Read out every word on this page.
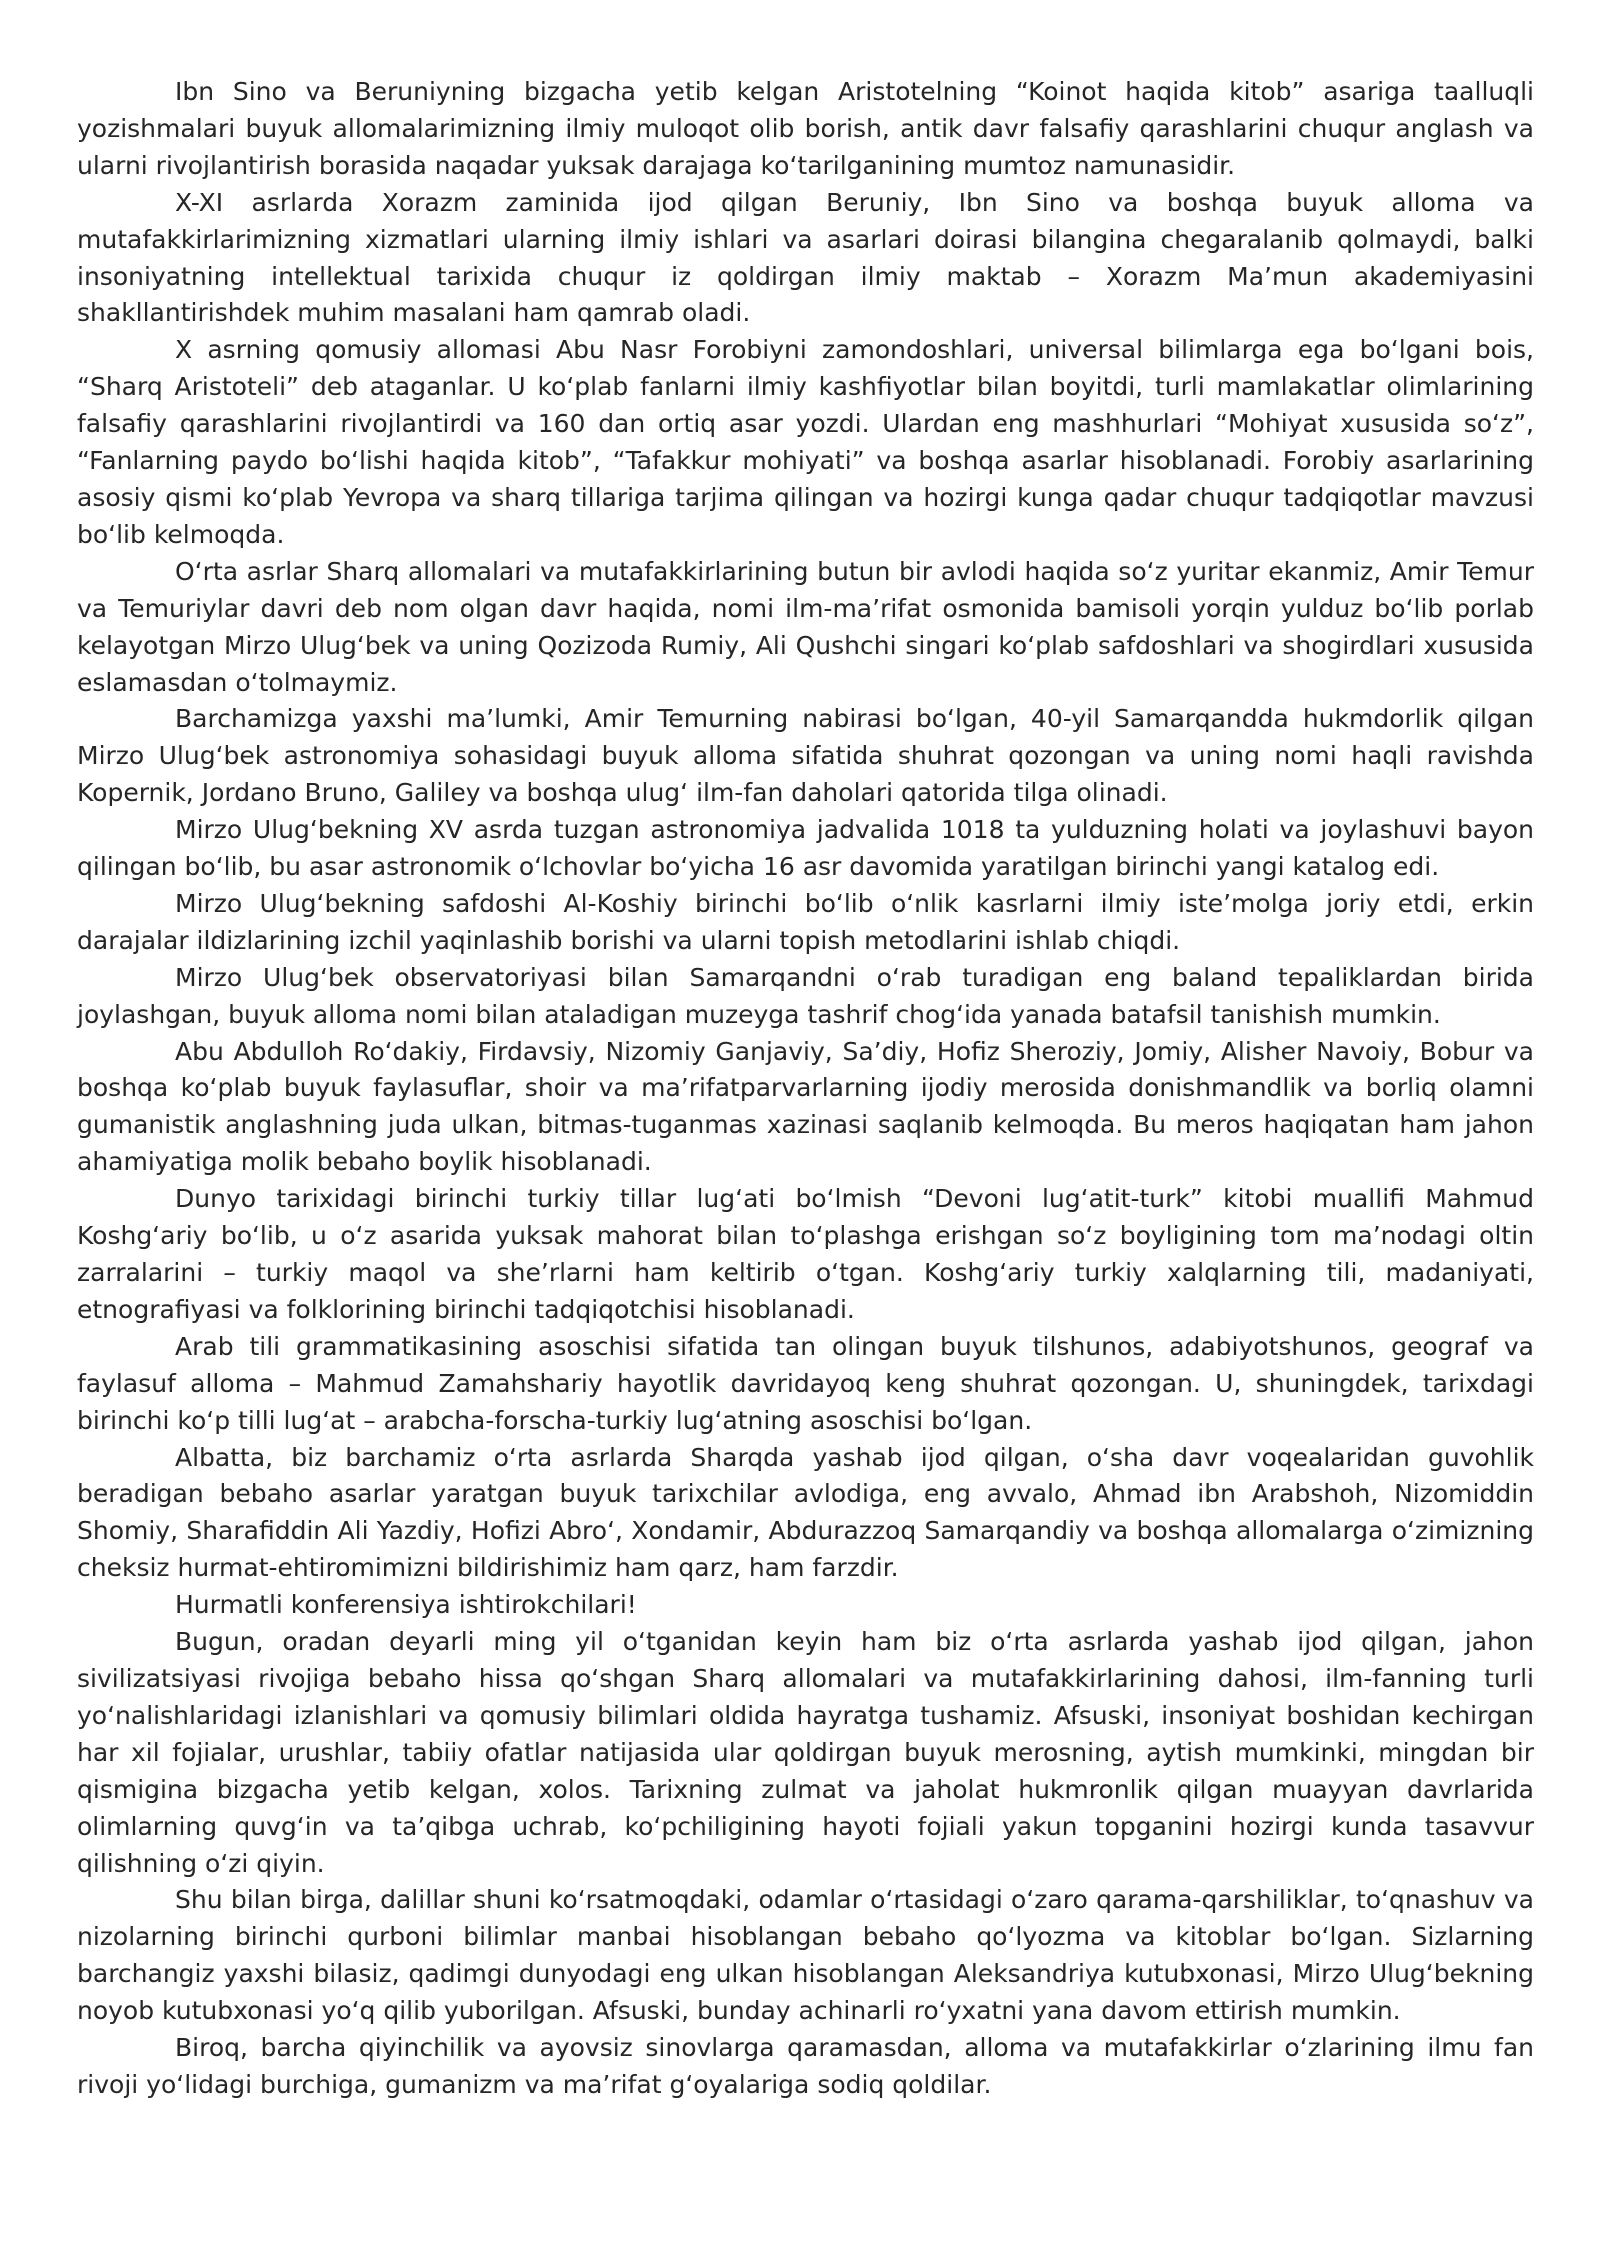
Ibn Sino va Beruniyning bizgacha yetib kelgan Aristotelning “Koinot haqida kitob” asariga taalluqli yozishmalari buyuk allomalarimizning ilmiy muloqot olib borish, antik davr falsafiy qarashlarini chuqur anglash va ularni rivojlantirish borasida naqadar yuksak darajaga ko‘tarilganining mumtoz namunasidir.

X-XI asrlarda Xorazm zaminida ijod qilgan Beruniy, Ibn Sino va boshqa buyuk alloma va mutafakkirlarimizning xizmatlari ularning ilmiy ishlari va asarlari doirasi bilangina chegaralanib qolmaydi, balki insoniyatning intellektual tarixida chuqur iz qoldirgan ilmiy maktab – Xorazm Ma’mun akademiyasini shakllantirishdek muhim masalani ham qamrab oladi.

X asrning qomusiy allomasi Abu Nasr Forobiyni zamondoshlari, universal bilimlarga ega bo‘lgani bois, “Sharq Aristoteli” deb ataganlar. U ko‘plab fanlarni ilmiy kashfiyotlar bilan boyitdi, turli mamlakatlar olimlarining falsafiy qarashlarini rivojlantirdi va 160 dan ortiq asar yozdi. Ulardan eng mashhurlari “Mohiyat xususida so‘z”, “Fanlarning paydo bo‘lishi haqida kitob”, “Tafakkur mohiyati” va boshqa asarlar hisoblanadi. Forobiy asarlarining asosiy qismi ko‘plab Yevropa va sharq tillariga tarjima qilingan va hozirgi kunga qadar chuqur tadqiqotlar mavzusi bo‘lib kelmoqda.

O‘rta asrlar Sharq allomalari va mutafakkirlarining butun bir avlodi haqida so‘z yuritar ekanmiz, Amir Temur va Temuriylar davri deb nom olgan davr haqida, nomi ilm-ma’rifat osmonida bamisoli yorqin yulduz bo‘lib porlab kelayotgan Mirzo Ulug‘bek va uning Qozizoda Rumiy, Ali Qushchi singari ko‘plab safdoshlari va shogirdlari xususida eslamasdan o‘tolmaymiz.

Barchamizga yaxshi ma’lumki, Amir Temurning nabirasi bo‘lgan, 40-yil Samarqandda hukmdorlik qilgan Mirzo Ulug‘bek astronomiya sohasidagi buyuk alloma sifatida shuhrat qozongan va uning nomi haqli ravishda Kopernik, Jordano Bruno, Galiley va boshqa ulug‘ ilm-fan daholari qatorida tilga olinadi.

Mirzo Ulug‘bekning XV asrda tuzgan astronomiya jadvalida 1018 ta yulduzning holati va joylashuvi bayon qilingan bo‘lib, bu asar astronomik o‘lchovlar bo‘yicha 16 asr davomida yaratilgan birinchi yangi katalog edi.

Mirzo Ulug‘bekning safdoshi Al-Koshiy birinchi bo‘lib o‘nlik kasrlarni ilmiy iste’molga joriy etdi, erkin darajalar ildizlarining izchil yaqinlashib borishi va ularni topish metodlarini ishlab chiqdi.

Mirzo Ulug‘bek observatoriyasi bilan Samarqandni o‘rab turadigan eng baland tepaliklardan birida joylashgan, buyuk alloma nomi bilan ataladigan muzeyga tashrif chog‘ida yanada batafsil tanishish mumkin.

Abu Abdulloh Ro‘dakiy, Firdavsiy, Nizomiy Ganjaviy, Sa’diy, Hofiz Sheroziy, Jomiy, Alisher Navoiy, Bobur va boshqa ko‘plab buyuk faylasuflar, shoir va ma’rifatparvarlarning ijodiy merosida donishmandlik va borliq olamni gumanistik anglashning juda ulkan, bitmas-tuganmas xazinasi saqlanib kelmoqda. Bu meros haqiqatan ham jahon ahamiyatiga molik bebaho boylik hisoblanadi.

Dunyo tarixidagi birinchi turkiy tillar lug‘ati bo‘lmish “Devoni lug‘atit-turk” kitobi muallifi Mahmud Koshg‘ariy bo‘lib, u o‘z asarida yuksak mahorat bilan to‘plashga erishgan so‘z boyligining tom ma’nodagi oltin zarralarini – turkiy maqol va she’rlarni ham keltirib o‘tgan. Koshg‘ariy turkiy xalqlarning tili, madaniyati, etnografiyasi va folklorining birinchi tadqiqotchisi hisoblanadi.

Arab tili grammatikasining asoschisi sifatida tan olingan buyuk tilshunos, adabiyotshunos, geograf va faylasuf alloma – Mahmud Zamahshariy hayotlik davridayoq keng shuhrat qozongan. U, shuningdek, tarixdagi birinchi ko‘p tilli lug‘at – arabcha-forscha-turkiy lug‘atning asoschisi bo‘lgan.

Albatta, biz barchamiz o‘rta asrlarda Sharqda yashab ijod qilgan, o‘sha davr voqealaridan guvohlik beradigan bebaho asarlar yaratgan buyuk tarixchilar avlodiga, eng avvalo, Ahmad ibn Arabshoh, Nizomiddin Shomiy, Sharafiddin Ali Yazdiy, Hofizi Abro‘, Xondamir, Abdurazzoq Samarqandiy va boshqa allomalarga o‘zimizning cheksiz hurmat-ehtiromimizni bildirishimiz ham qarz, ham farzdir.

Hurmatli konferensiya ishtirokchilari!

Bugun, oradan deyarli ming yil o‘tganidan keyin ham biz o‘rta asrlarda yashab ijod qilgan, jahon sivilizatsiyasi rivojiga bebaho hissa qo‘shgan Sharq allomalari va mutafakkirlarining dahosi, ilm-fanning turli yo‘nalishlaridagi izlanishlari va qomusiy bilimlari oldida hayratga tushamiz. Afsuski, insoniyat boshidan kechirgan har xil fojialar, urushlar, tabiiy ofatlar natijasida ular qoldirgan buyuk merosning, aytish mumkinki, mingdan bir qismigina bizgacha yetib kelgan, xolos. Tarixning zulmat va jaholat hukmronlik qilgan muayyan davrlarida olimlarning quvg‘in va ta’qibga uchrab, ko‘pchiligining hayoti fojiali yakun topganini hozirgi kunda tasavvur qilishning o‘zi qiyin.

Shu bilan birga, dalillar shuni ko‘rsatmoqdaki, odamlar o‘rtasidagi o‘zaro qarama-qarshiliklar, to‘qnashuv va nizolarning birinchi qurboni bilimlar manbai hisoblangan bebaho qo‘lyozma va kitoblar bo‘lgan. Sizlarning barchangiz yaxshi bilasiz, qadimgi dunyodagi eng ulkan hisoblangan Aleksandriya kutubxonasi, Mirzo Ulug‘bekning noyob kutubxonasi yo‘q qilib yuborilgan. Afsuski, bunday achinarli ro‘yxatni yana davom ettirish mumkin.

Biroq, barcha qiyinchilik va ayovsiz sinovlarga qaramasdan, alloma va mutafakkirlar o‘zlarining ilmu fan rivoji yo‘lidagi burchiga, gumanizm va ma’rifat g‘oyalariga sodiq qoldilar.
